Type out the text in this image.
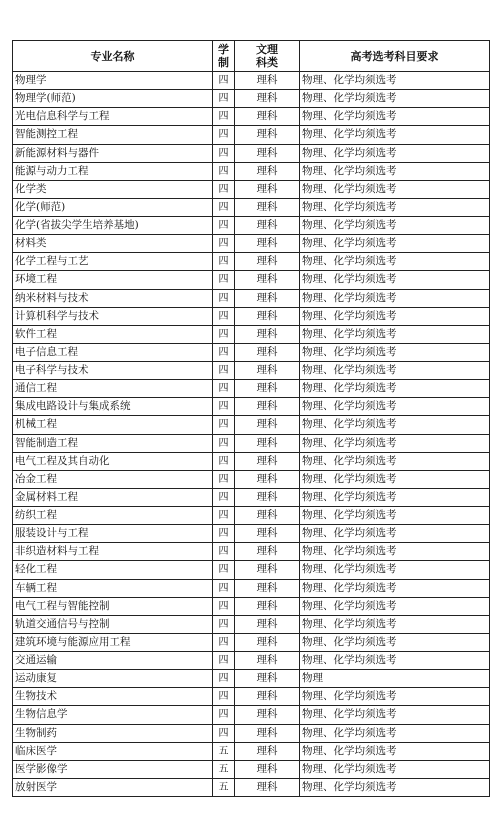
专业名称	学制	文理科类	高考选考科目要求
物理学	四	理科	物理、化学均须选考
物理学(师范)	四	理科	物理、化学均须选考
光电信息科学与工程	四	理科	物理、化学均须选考
智能测控工程	四	理科	物理、化学均须选考
新能源材料与器件	四	理科	物理、化学均须选考
能源与动力工程	四	理科	物理、化学均须选考
化学类	四	理科	物理、化学均须选考
化学(师范)	四	理科	物理、化学均须选考
化学(省拔尖学生培养基地)	四	理科	物理、化学均须选考
材料类	四	理科	物理、化学均须选考
化学工程与工艺	四	理科	物理、化学均须选考
环境工程	四	理科	物理、化学均须选考
纳米材料与技术	四	理科	物理、化学均须选考
计算机科学与技术	四	理科	物理、化学均须选考
软件工程	四	理科	物理、化学均须选考
电子信息工程	四	理科	物理、化学均须选考
电子科学与技术	四	理科	物理、化学均须选考
通信工程	四	理科	物理、化学均须选考
集成电路设计与集成系统	四	理科	物理、化学均须选考
机械工程	四	理科	物理、化学均须选考
智能制造工程	四	理科	物理、化学均须选考
电气工程及其自动化	四	理科	物理、化学均须选考
冶金工程	四	理科	物理、化学均须选考
金属材料工程	四	理科	物理、化学均须选考
纺织工程	四	理科	物理、化学均须选考
服装设计与工程	四	理科	物理、化学均须选考
非织造材料与工程	四	理科	物理、化学均须选考
轻化工程	四	理科	物理、化学均须选考
车辆工程	四	理科	物理、化学均须选考
电气工程与智能控制	四	理科	物理、化学均须选考
轨道交通信号与控制	四	理科	物理、化学均须选考
建筑环境与能源应用工程	四	理科	物理、化学均须选考
交通运输	四	理科	物理、化学均须选考
运动康复	四	理科	物理
生物技术	四	理科	物理、化学均须选考
生物信息学	四	理科	物理、化学均须选考
生物制药	四	理科	物理、化学均须选考
临床医学	五	理科	物理、化学均须选考
医学影像学	五	理科	物理、化学均须选考
放射医学	五	理科	物理、化学均须选考
